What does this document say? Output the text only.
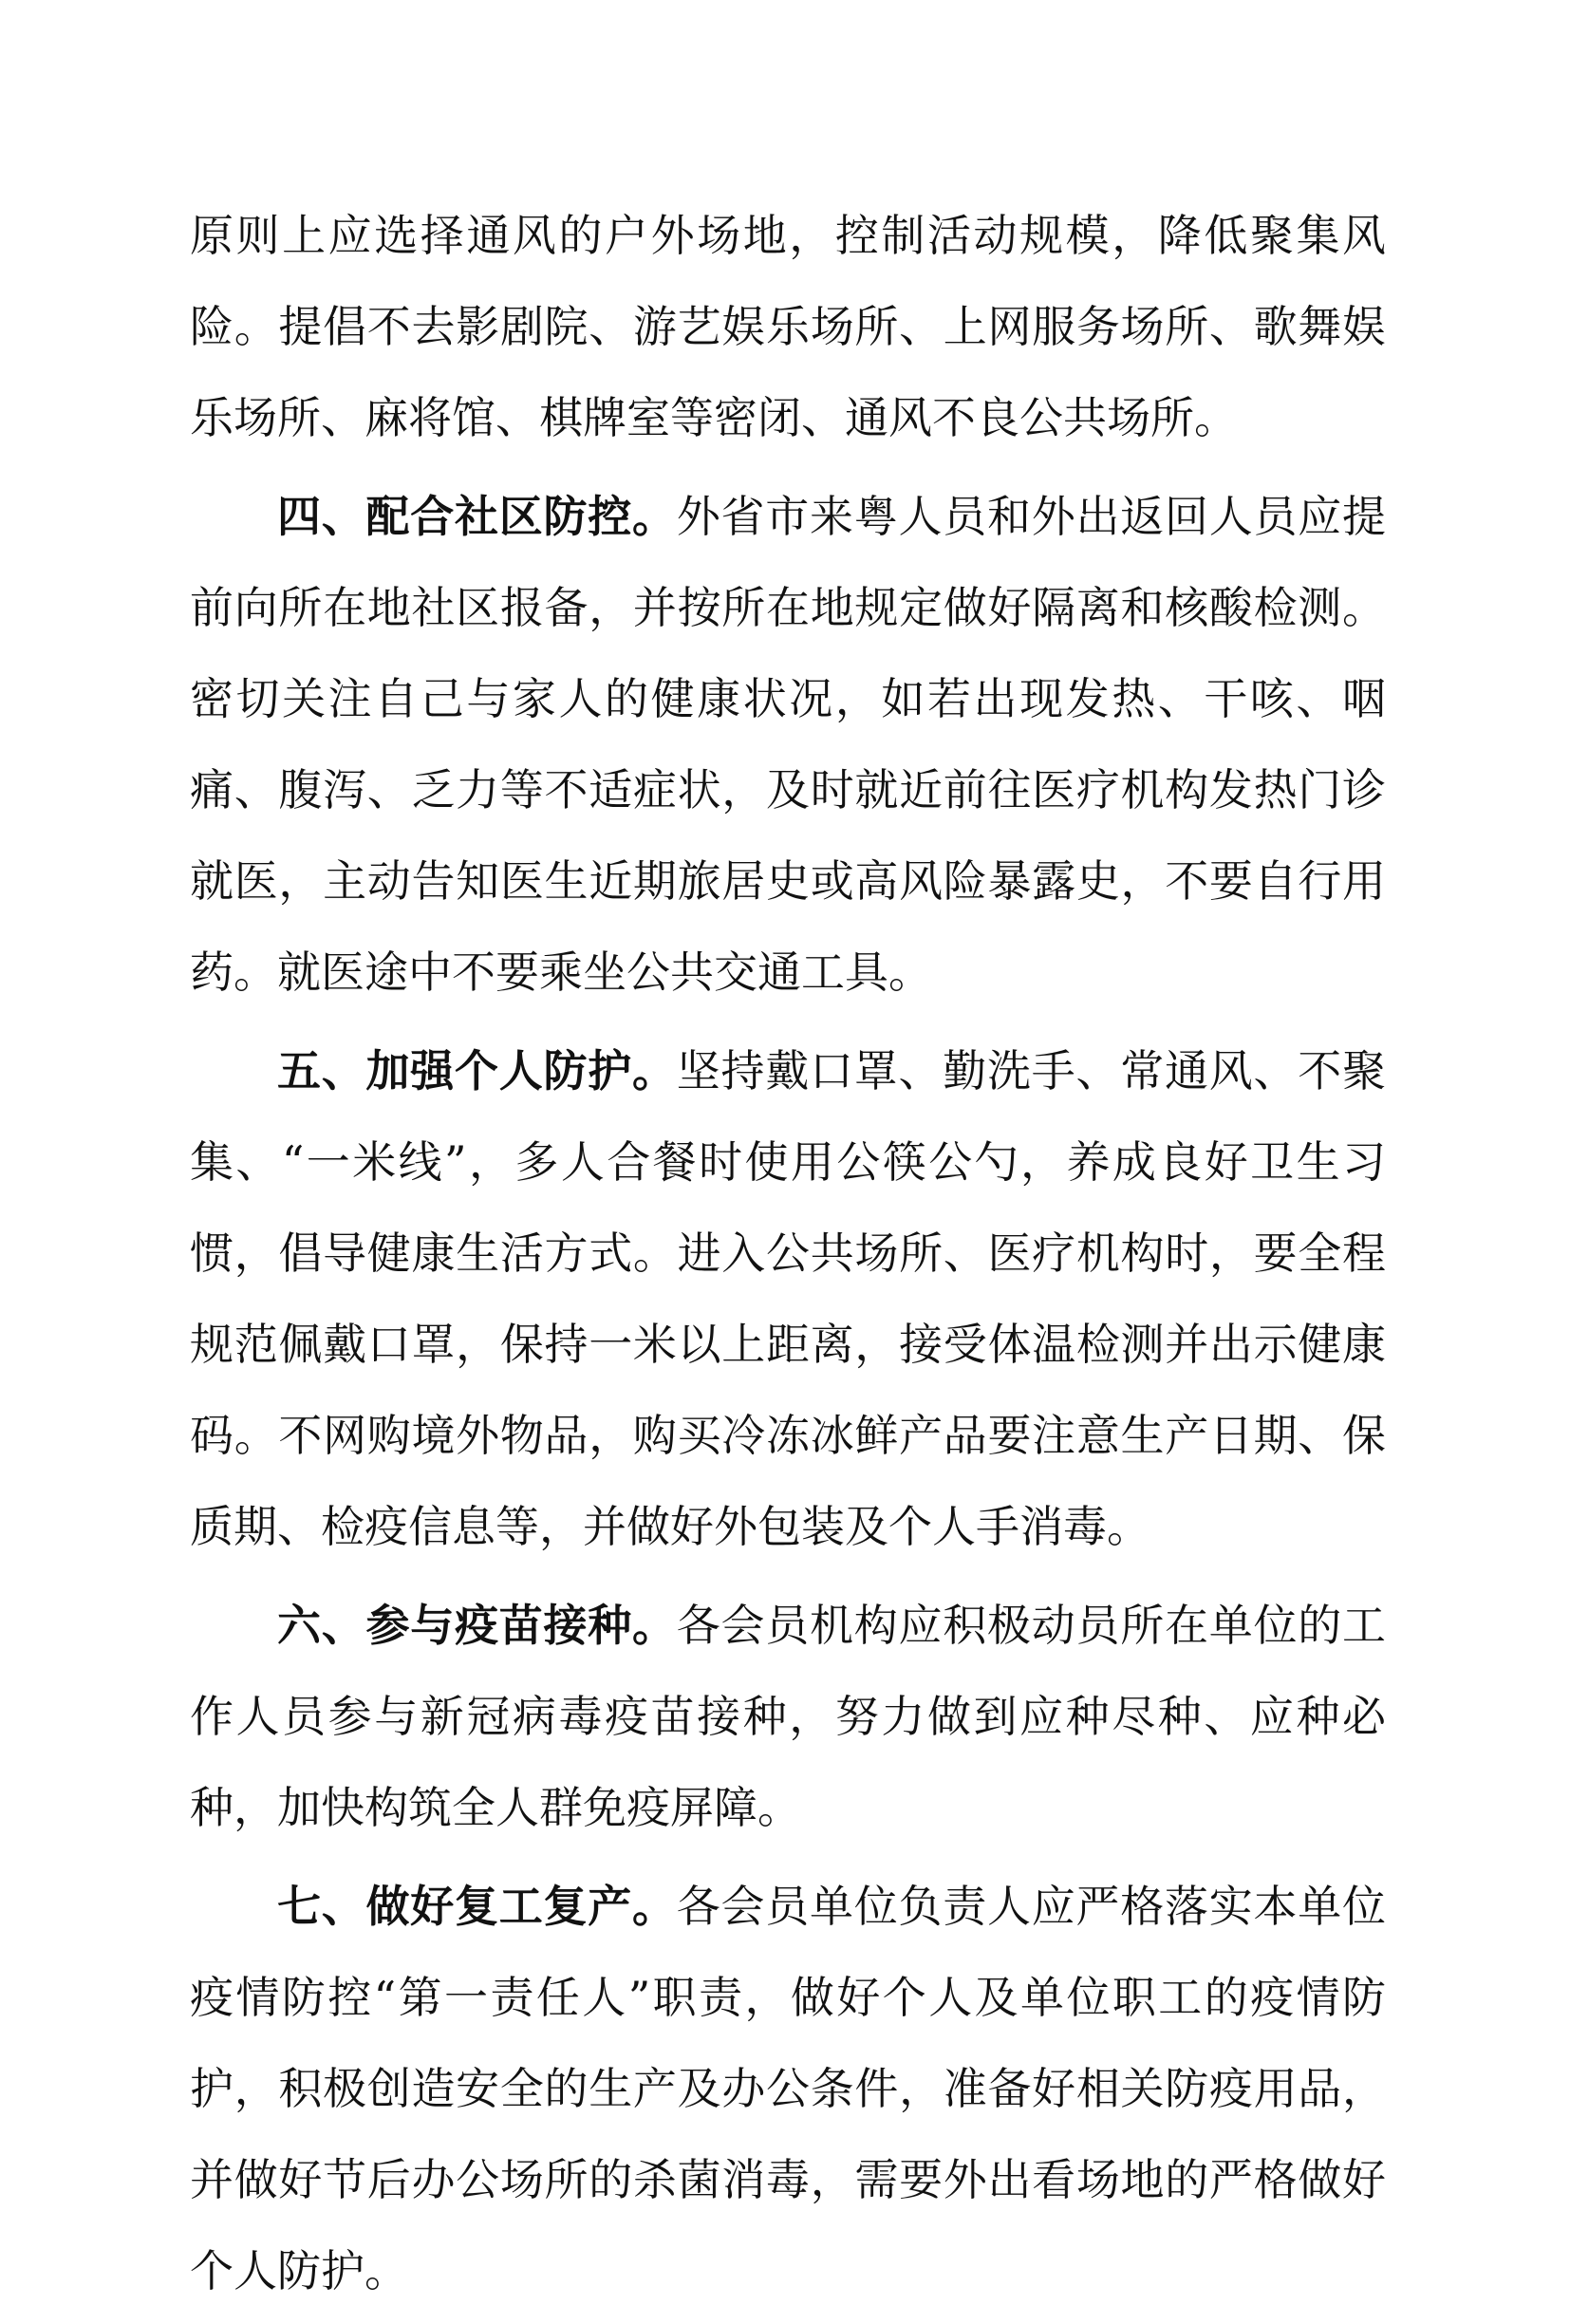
原则上应选择通风的户外场地，控制活动规模，降低聚集风险。提倡不去影剧院、游艺娱乐场所、上网服务场所、歌舞娱乐场所、麻将馆、棋牌室等密闭、通风不良公共场所。

四、配合社区防控。外省市来粤人员和外出返回人员应提前向所在地社区报备，并按所在地规定做好隔离和核酸检测。密切关注自己与家人的健康状况，如若出现发热、干咳、咽痛、腹泻、乏力等不适症状，及时就近前往医疗机构发热门诊就医，主动告知医生近期旅居史或高风险暴露史，不要自行用药。就医途中不要乘坐公共交通工具。

五、加强个人防护。坚持戴口罩、勤洗手、常通风、不聚集、“一米线”，多人合餐时使用公筷公勺，养成良好卫生习惯，倡导健康生活方式。进入公共场所、医疗机构时，要全程规范佩戴口罩，保持一米以上距离，接受体温检测并出示健康码。不网购境外物品，购买冷冻冰鲜产品要注意生产日期、保质期、检疫信息等，并做好外包装及个人手消毒。

六、参与疫苗接种。各会员机构应积极动员所在单位的工作人员参与新冠病毒疫苗接种，努力做到应种尽种、应种必种，加快构筑全人群免疫屏障。

七、做好复工复产。各会员单位负责人应严格落实本单位疫情防控“第一责任人”职责，做好个人及单位职工的疫情防护，积极创造安全的生产及办公条件，准备好相关防疫用品，并做好节后办公场所的杀菌消毒，需要外出看场地的严格做好个人防护。
